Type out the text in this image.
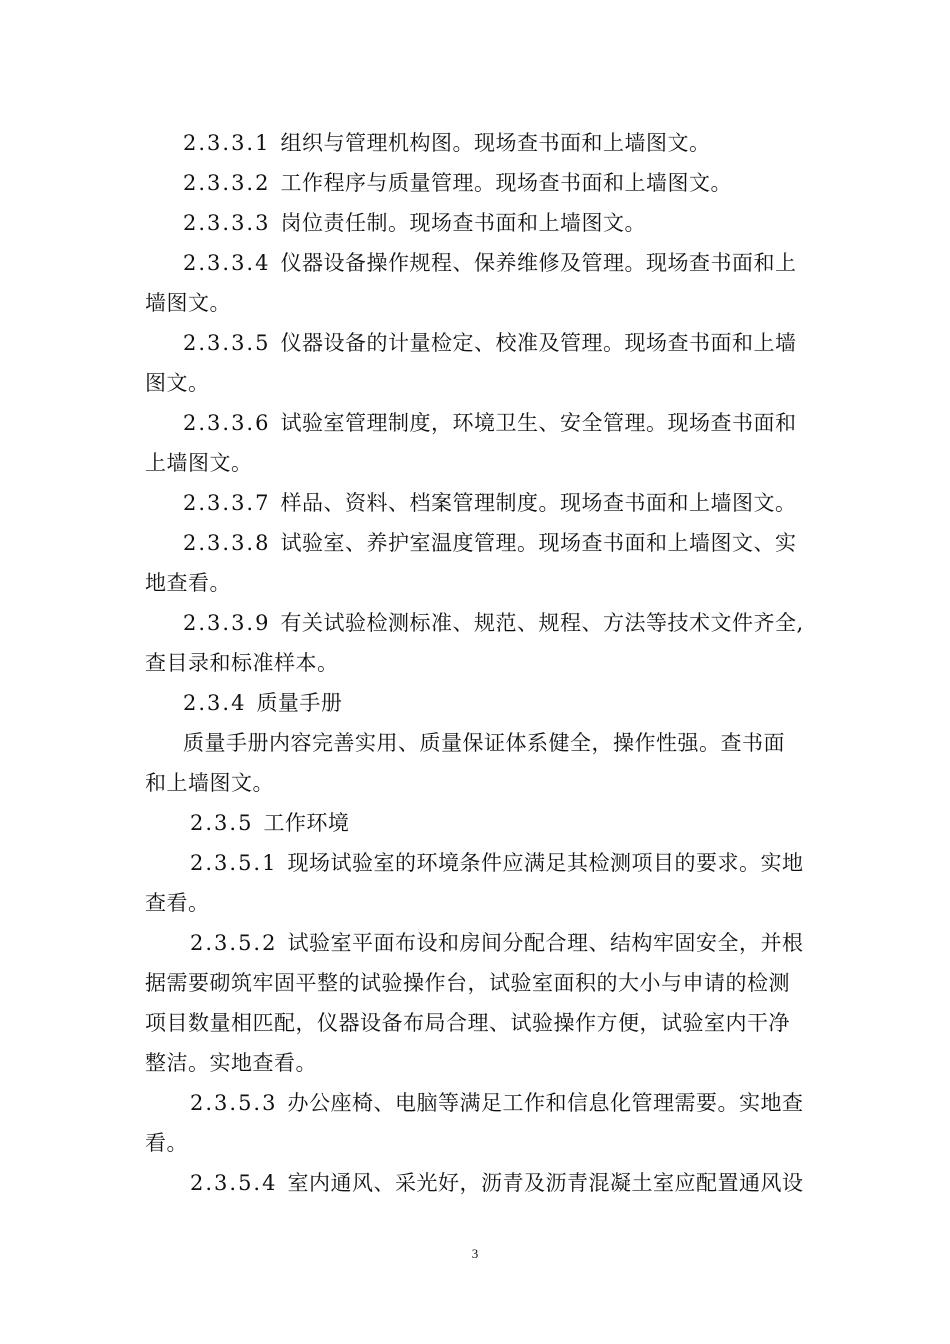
2.3.3.1 组织与管理机构图。现场查书面和上墙图文。
2.3.3.2 工作程序与质量管理。现场查书面和上墙图文。
2.3.3.3 岗位责任制。现场查书面和上墙图文。
2.3.3.4 仪器设备操作规程、保养维修及管理。现场查书面和上
墙图文。
2.3.3.5 仪器设备的计量检定、校准及管理。现场查书面和上墙
图文。
2.3.3.6 试验室管理制度，环境卫生、安全管理。现场查书面和
上墙图文。
2.3.3.7 样品、资料、档案管理制度。现场查书面和上墙图文。
2.3.3.8 试验室、养护室温度管理。现场查书面和上墙图文、实
地查看。
2.3.3.9 有关试验检测标准、规范、规程、方法等技术文件齐全,
查目录和标准样本。
2.3.4 质量手册
质量手册内容完善实用、质量保证体系健全，操作性强。查书面
和上墙图文。
2.3.5 工作环境
2.3.5.1 现场试验室的环境条件应满足其检测项目的要求。实地
查看。
2.3.5.2 试验室平面布设和房间分配合理、结构牢固安全，并根
据需要砌筑牢固平整的试验操作台，试验室面积的大小与申请的检测
项目数量相匹配，仪器设备布局合理、试验操作方便，试验室内干净
整洁。实地查看。
2.3.5.3 办公座椅、电脑等满足工作和信息化管理需要。实地查
看。
2.3.5.4 室内通风、采光好，沥青及沥青混凝土室应配置通风设
3
